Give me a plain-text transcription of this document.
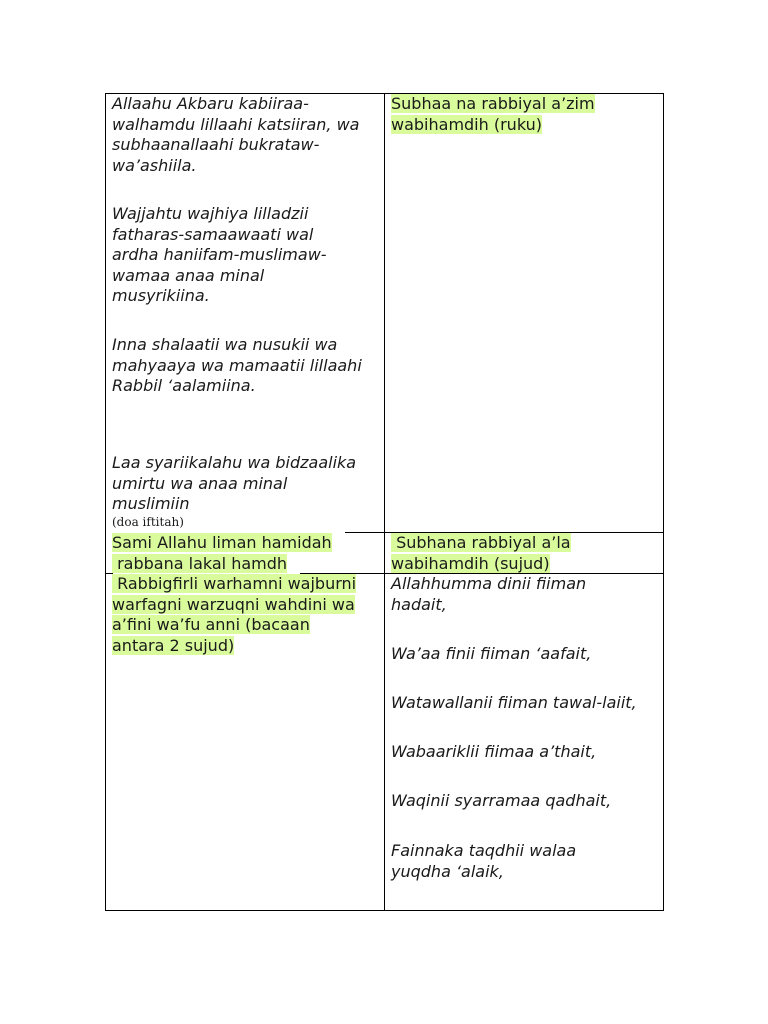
Allaahu Akbaru kabiiraa-
walhamdu lillaahi katsiiran, wa
subhaanallaahi bukrataw-
wa’ashiila.

Wajjahtu wajhiya lilladzii
fatharas-samaawaati wal
ardha haniifam-muslimaw-
wamaa anaa minal
musyrikiina.

Inna shalaatii wa nusukii wa
mahyaaya wa mamaatii lillaahi
Rabbil ‘aalamiina.

Laa syariikalahu wa bidzaalika
umirtu wa anaa minal
muslimiin

(doa iftitah)
Subhaa na rabbiyal a’zim
wabihamdih (ruku)
Sami Allahu liman hamidah
rabbana lakal hamdh
Subhana rabbiyal a’la
wabihamdih (sujud)
Rabbigfirli warhamni wajburni
warfagni warzuqni wahdini wa
a’fini wa’fu anni (bacaan
antara 2 sujud)
Allahhumma dinii fiiman
hadait,
Wa’aa finii fiiman ‘aafait,
Watawallanii fiiman tawal-laiit,
Wabaariklii fiimaa a’thait,
Waqinii syarramaa qadhait,
Fainnaka taqdhii walaa
yuqdha ‘alaik,
